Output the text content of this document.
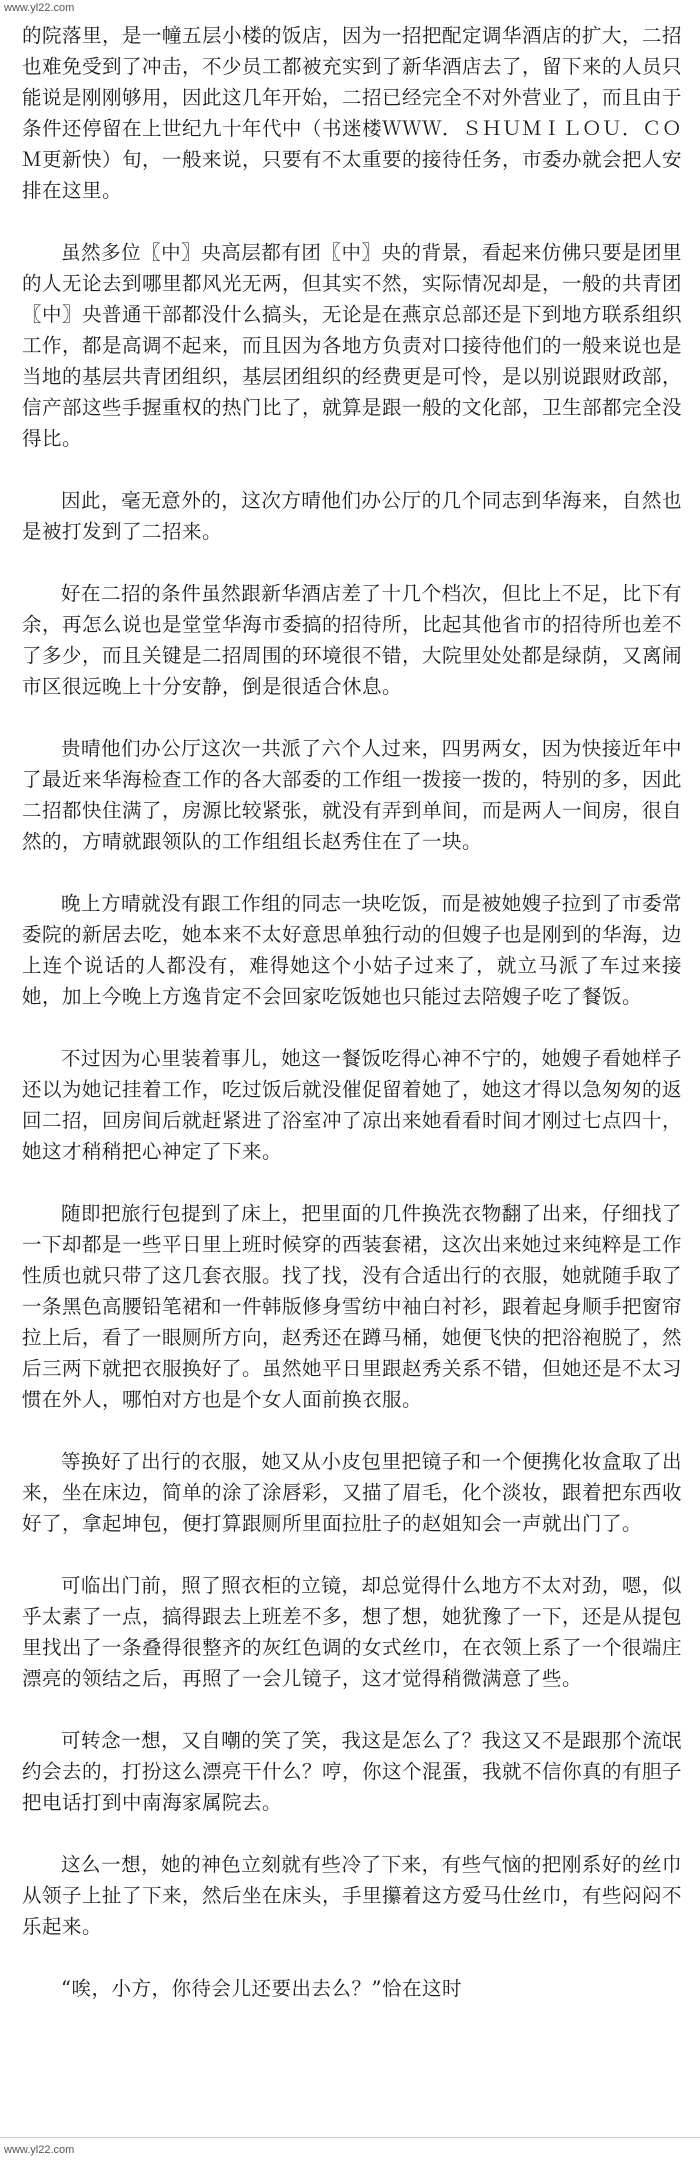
www.yl22.com

的院落里，是一幢五层小楼的饭店，因为一招把配定调华酒店的扩大，二招也难免受到了冲击，不少员工都被充实到了新华酒店去了，留下来的人员只能说是刚刚够用，因此这几年开始，二招已经完全不对外营业了，而且由于条件还停留在上世纪九十年代中（书迷楼ＷＷＷ．ＳＨＵＭＩＬＯＵ．ＣＯＭ更新快）旬，一般来说，只要有不太重要的接待任务，市委办就会把人安排在这里。

虽然多位〖中〗央高层都有团〖中〗央的背景，看起来仿佛只要是团里的人无论去到哪里都风光无两，但其实不然，实际情况却是，一般的共青团〖中〗央普通干部都没什么搞头，无论是在燕京总部还是下到地方联系组织工作，都是高调不起来，而且因为各地方负责对口接待他们的一般来说也是当地的基层共青团组织，基层团组织的经费更是可怜，是以别说跟财政部，信产部这些手握重权的热门比了，就算是跟一般的文化部，卫生部都完全没得比。

因此，毫无意外的，这次方晴他们办公厅的几个同志到华海来，自然也是被打发到了二招来。

好在二招的条件虽然跟新华酒店差了十几个档次，但比上不足，比下有余，再怎么说也是堂堂华海市委搞的招待所，比起其他省市的招待所也差不了多少，而且关键是二招周围的环境很不错，大院里处处都是绿荫，又离闹市区很远晚上十分安静，倒是很适合休息。

贵晴他们办公厅这次一共派了六个人过来，四男两女，因为快接近年中了最近来华海检查工作的各大部委的工作组一拨接一拨的，特别的多，因此二招都快住满了，房源比较紧张，就没有弄到单间，而是两人一间房，很自然的，方晴就跟领队的工作组组长赵秀住在了一块。

晚上方晴就没有跟工作组的同志一块吃饭，而是被她嫂子拉到了市委常委院的新居去吃，她本来不太好意思单独行动的但嫂子也是刚到的华海，边上连个说话的人都没有，难得她这个小姑子过来了，就立马派了车过来接她，加上今晚上方逸肯定不会回家吃饭她也只能过去陪嫂子吃了餐饭。

不过因为心里装着事儿，她这一餐饭吃得心神不宁的，她嫂子看她样子还以为她记挂着工作，吃过饭后就没催促留着她了，她这才得以急匆匆的返回二招，回房间后就赶紧进了浴室冲了凉出来她看看时间才刚过七点四十，她这才稍稍把心神定了下来。

随即把旅行包提到了床上，把里面的几件换洗衣物翻了出来，仔细找了一下却都是一些平日里上班时候穿的西装套裙，这次出来她过来纯粹是工作性质也就只带了这几套衣服。找了找，没有合适出行的衣服，她就随手取了一条黑色高腰铅笔裙和一件韩版修身雪纺中袖白衬衫，跟着起身顺手把窗帘拉上后，看了一眼厕所方向，赵秀还在蹲马桶，她便飞快的把浴袍脱了，然后三两下就把衣服换好了。虽然她平日里跟赵秀关系不错，但她还是不太习惯在外人，哪怕对方也是个女人面前换衣服。

等换好了出行的衣服，她又从小皮包里把镜子和一个便携化妆盒取了出来，坐在床边，简单的涂了涂唇彩，又描了眉毛，化个淡妆，跟着把东西收好了，拿起坤包，便打算跟厕所里面拉肚子的赵姐知会一声就出门了。

可临出门前，照了照衣柜的立镜，却总觉得什么地方不太对劲，嗯，似乎太素了一点，搞得跟去上班差不多，想了想，她犹豫了一下，还是从提包里找出了一条叠得很整齐的灰红色调的女式丝巾，在衣领上系了一个很端庄漂亮的领结之后，再照了一会儿镜子，这才觉得稍微满意了些。

可转念一想，又自嘲的笑了笑，我这是怎么了？我这又不是跟那个流氓约会去的，打扮这么漂亮干什么？哼，你这个混蛋，我就不信你真的有胆子把电话打到中南海家属院去。

这么一想，她的神色立刻就有些冷了下来，有些气恼的把刚系好的丝巾从领子上扯了下来，然后坐在床头，手里攥着这方爱马仕丝巾，有些闷闷不乐起来。

“唉，小方，你待会儿还要出去么？”恰在这时

www.yl22.com
